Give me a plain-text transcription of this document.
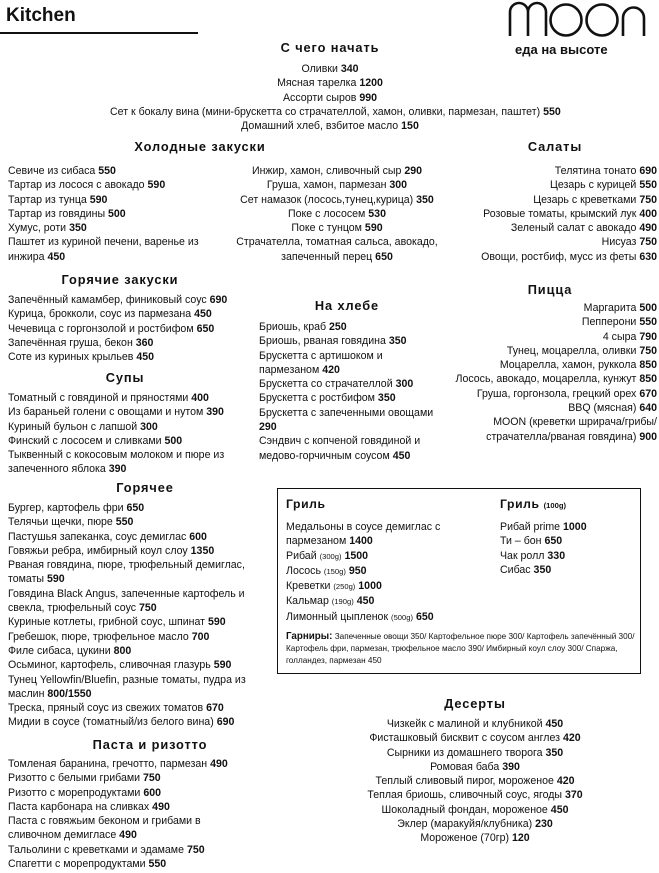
Kitchen
еда на высоте
С чего начать
Оливки 340
Мясная тарелка 1200
Ассорти сыров 990
Сет к бокалу вина (мини-брускетта со страчателлой, хамон, оливки, пармезан, паштет) 550
Домашний хлеб, взбитое масло 150
Холодные закуски
Севиче из сибаса 550
Тартар из лосося с авокадо 590
Тартар из тунца 590
Тартар из говядины 500
Хумус, роти 350
Паштет из куриной печени, варенье из инжира 450
Инжир, хамон, сливочный сыр 290
Груша, хамон, пармезан 300
Сет намазок (лосось,тунец,курица) 350
Поке с лососем 530
Поке с тунцом 590
Страчателла, томатная сальса, авокадо, запеченный перец 650
Салаты
Телятина тонато 690
Цезарь с курицей 550
Цезарь с креветками 750
Розовые томаты, крымский лук 400
Зеленый салат с авокадо 490
Нисуаз 750
Овощи, ростбиф, мусс из феты 630
Горячие закуски
Запечённый камамбер, финиковый соус 690
Курица, брокколи, соус из пармезана 450
Чечевица с горгонзолой и ростбифом 650
Запечённая груша, бекон 360
Соте из куриных крыльев 450
На хлебе
Бриошь, краб 250
Бриошь, рваная говядина 350
Брускетта с артишоком и пармезаном 420
Брускетта со страчателлой 300
Брускетта с ростбифом 350
Брускетта с запеченными овощами 290
Сэндвич с копченой говядиной и медово-горчичным соусом 450
Пицца
Маргарита 500
Пепперони 550
4 сыра 790
Тунец, моцарелла, оливки 750
Моцарелла, хамон, руккола 850
Лосось, авокадо, моцарелла, кунжут 850
Груша, горгонзола, грецкий орех 670
BBQ (мясная) 640
MOON (креветки шрирача/грибы/страчателла/рваная говядина) 900
Супы
Томатный с говядиной и пряностями 400
Из бараньей голени с овощами и нутом 390
Куриный бульон с лапшой 300
Финский с лососем и сливками 500
Тыквенный с кокосовым молоком и пюре из запеченного яблока 390
Горячее
Бургер, картофель фри 650
Телячьи щечки, пюре 550
Пастушья запеканка, соус демиглас 600
Говяжьи ребра, имбирный коул слоу 1350
Рваная говядина, пюре, трюфельный демиглас, томаты 590
Говядина Black Angus, запеченные картофель и свекла, трюфельный соус 750
Куриные котлеты, грибной соус, шпинат 590
Гребешок, пюре, трюфельное масло 700
Филе сибаса, цукини 800
Осьминог, картофель, сливочная глазурь 590
Тунец Yellowfin/Bluefin, разные томаты, пудра из маслин 800/1550
Треска, пряный соус из свежих томатов 670
Мидии в соусе (томатный/из белого вина) 690
Гриль	Гриль (100g)
Медальоны в соусе демиглас с пармезаном 1400
Рибай (300g) 1500
Лосось (150g) 950
Креветки (250g) 1000
Кальмар (190g) 450
Лимонный цыпленок (500g) 650
Рибай prime 1000
Ти – бон 650
Чак ролл 330
Сибас 350
Гарниры: Запеченные овощи 350/ Картофельное пюре 300/ Картофель запечённый 300/ Картофель фри, пармезан, трюфельное масло 390/ Имбирный коул слоу 300/ Спаржа, голландез, пармезан 450
Паста и ризотто
Томленая баранина, гречотто, пармезан 490
Ризотто с белыми грибами 750
Ризотто с морепродуктами 600
Паста карбонара на сливках 490
Паста с говяжьим беконом и грибами в сливочном демигласе 490
Тальолини с креветками и эдамаме 750
Спагетти с морепродуктами 550
Десерты
Чизкейк с малиной и клубникой 450
Фисташковый бисквит с соусом англез 420
Сырники из домашнего творога 350
Ромовая баба 390
Теплый сливовый пирог, мороженое 420
Теплая бриошь, сливочный соус, ягоды 370
Шоколадный фондан, мороженое 450
Эклер (маракуйя/клубника) 230
Мороженое (70гр) 120
